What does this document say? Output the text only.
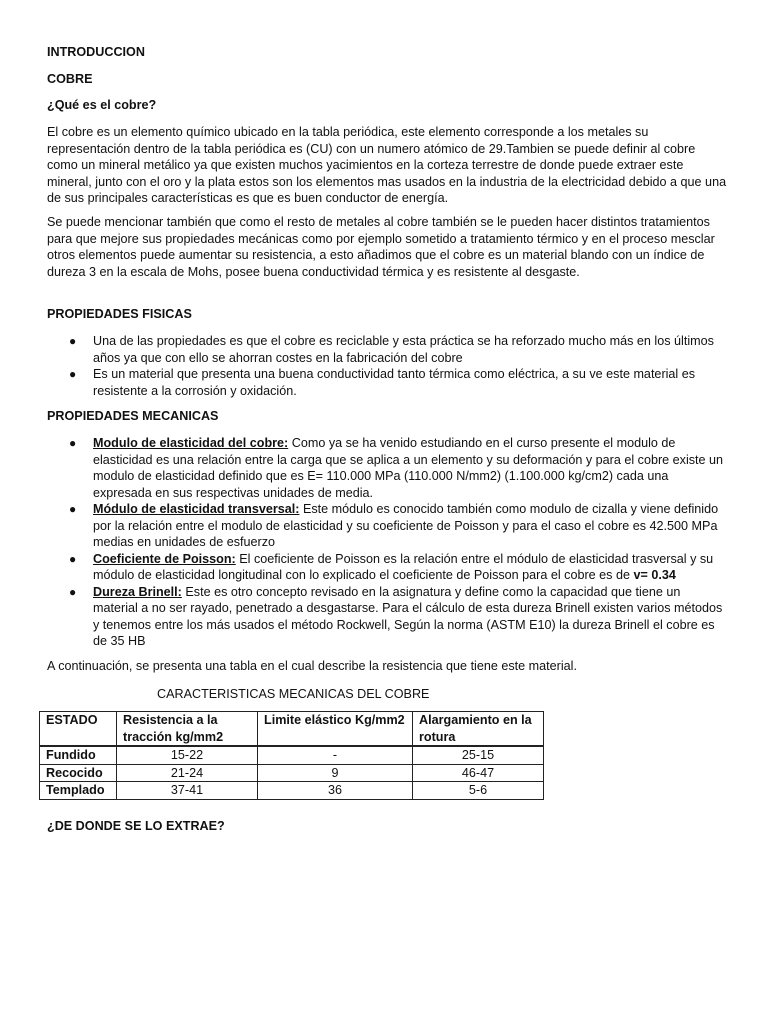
INTRODUCCION
COBRE
¿Qué es el cobre?

El cobre es un elemento químico ubicado en la tabla periódica, este elemento corresponde a los metales su representación dentro de la tabla periódica es (CU) con un numero atómico de 29.Tambien se puede definir al cobre como un mineral metálico ya que existen muchos yacimientos en la corteza terrestre de donde puede extraer este mineral, junto con el oro y la plata estos son los elementos mas usados en la industria de la electricidad debido a que una de sus principales características es que es buen conductor de energía.

Se puede mencionar también que como el resto de metales al cobre también se le pueden hacer distintos tratamientos para que mejore sus propiedades mecánicas como por ejemplo sometido a tratamiento térmico y en el proceso mesclar otros elementos puede aumentar su resistencia, a esto añadimos que el cobre es un material blando con un índice de dureza 3 en la escala de Mohs, posee buena conductividad térmica y es resistente al desgaste.

PROPIEDADES FISICAS
● Una de las propiedades es que el cobre es reciclable y esta práctica se ha reforzado mucho más en los últimos años ya que con ello se ahorran costes en la fabricación del cobre
● Es un material que presenta una buena conductividad tanto térmica como eléctrica, a su ve este material es resistente a la corrosión y oxidación.
PROPIEDADES MECANICAS
● Modulo de elasticidad del cobre: Como ya se ha venido estudiando en el curso presente el modulo de elasticidad es una relación entre la carga que se aplica a un elemento y su deformación y para el cobre existe un modulo de elasticidad definido que es E= 110.000 MPa (110.000 N/mm2) (1.100.000 kg/cm2) cada una expresada en sus respectivas unidades de media.
● Módulo de elasticidad transversal: Este módulo es conocido también como modulo de cizalla y viene definido por la relación entre el modulo de elasticidad y su coeficiente de Poisson y para el caso el cobre es 42.500 MPa medias en unidades de esfuerzo
● Coeficiente de Poisson: El coeficiente de Poisson es la relación entre el módulo de elasticidad trasversal y su módulo de elasticidad longitudinal con lo explicado el coeficiente de Poisson para el cobre es de v= 0.34
● Dureza Brinell: Este es otro concepto revisado en la asignatura y define como la capacidad que tiene un material a no ser rayado, penetrado a desgastarse. Para el cálculo de esta dureza Brinell existen varios métodos y tenemos entre los más usados el método Rockwell, Según la norma (ASTM E10) la dureza Brinell el cobre es de 35 HB

A continuación, se presenta una tabla en el cual describe la resistencia que tiene este material.

CARACTERISTICAS MECANICAS DEL COBRE
ESTADO	Resistencia a la tracción kg/mm2	Limite elástico Kg/mm2	Alargamiento en la rotura
Fundido	15-22	-	25-15
Recocido	21-24	9	46-47
Templado	37-41	36	5-6
¿DE DONDE SE LO EXTRAE?
